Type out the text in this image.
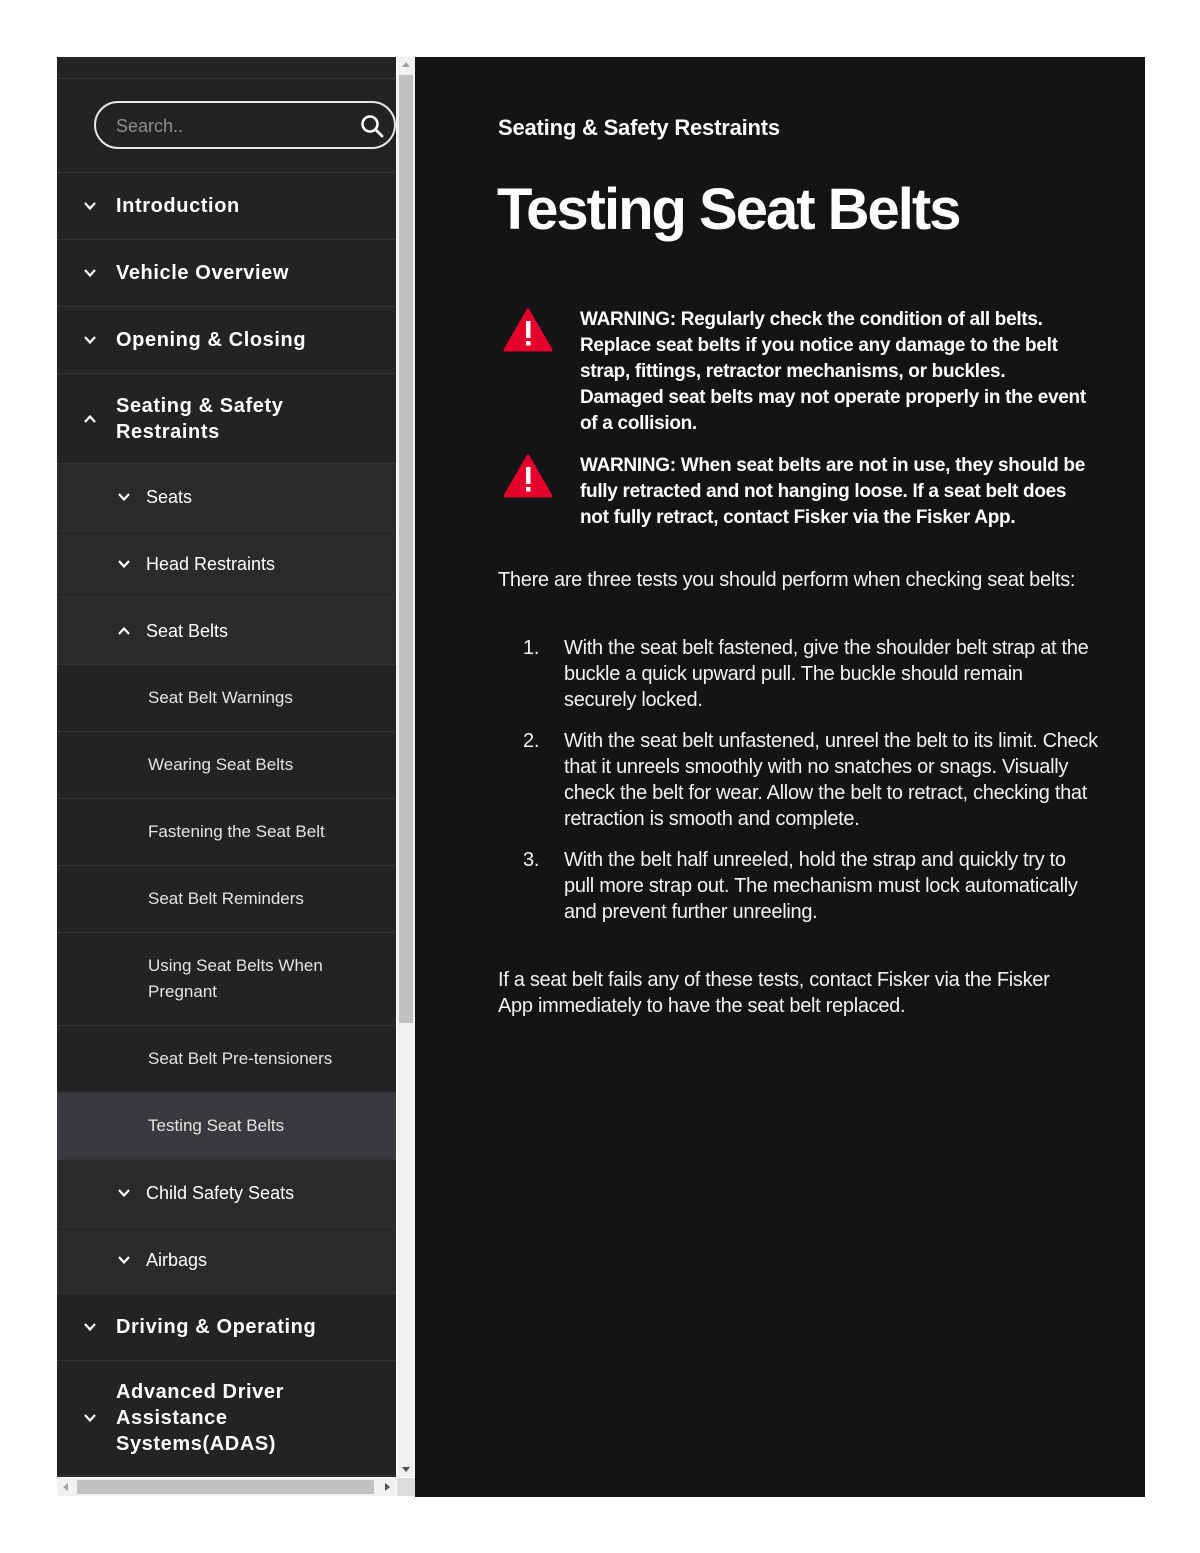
Search..
Introduction
Vehicle Overview
Opening & Closing
Seating & Safety Restraints
Seats
Head Restraints
Seat Belts
Seat Belt Warnings
Wearing Seat Belts
Fastening the Seat Belt
Seat Belt Reminders
Using Seat Belts When Pregnant
Seat Belt Pre-tensioners
Testing Seat Belts
Child Safety Seats
Airbags
Driving & Operating
Advanced Driver Assistance Systems(ADAS)
Seating & Safety Restraints
Testing Seat Belts
WARNING: Regularly check the condition of all belts. Replace seat belts if you notice any damage to the belt strap, fittings, retractor mechanisms, or buckles. Damaged seat belts may not operate properly in the event of a collision.
WARNING: When seat belts are not in use, they should be fully retracted and not hanging loose. If a seat belt does not fully retract, contact Fisker via the Fisker App.

There are three tests you should perform when checking seat belts:

1. With the seat belt fastened, give the shoulder belt strap at the buckle a quick upward pull. The buckle should remain securely locked.
2. With the seat belt unfastened, unreel the belt to its limit. Check that it unreels smoothly with no snatches or snags. Visually check the belt for wear. Allow the belt to retract, checking that retraction is smooth and complete.
3. With the belt half unreeled, hold the strap and quickly try to pull more strap out. The mechanism must lock automatically and prevent further unreeling.

If a seat belt fails any of these tests, contact Fisker via the Fisker App immediately to have the seat belt replaced.
